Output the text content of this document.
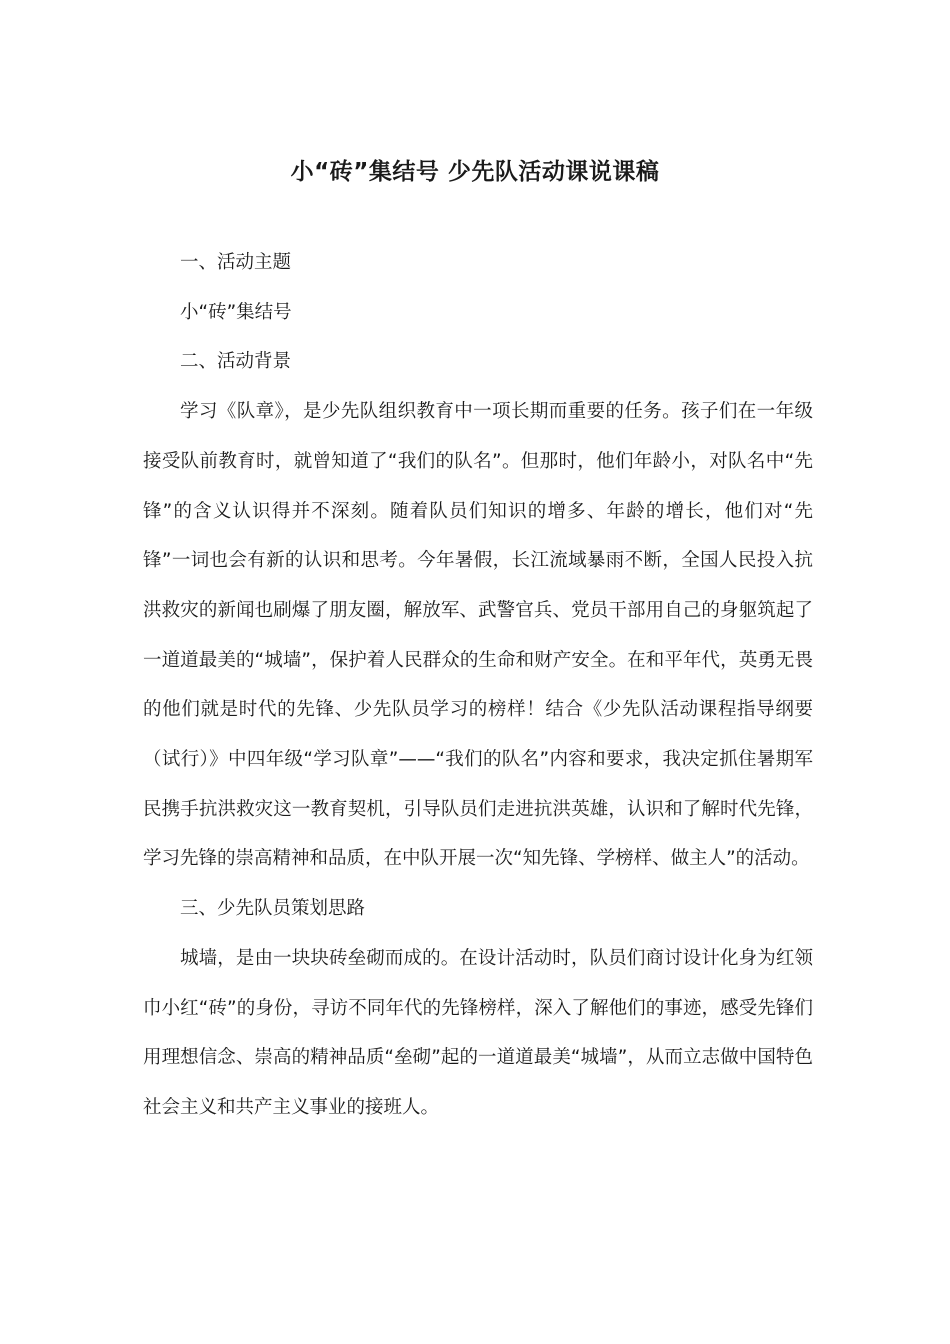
小“砖”集结号 少先队活动课说课稿

一、活动主题

小“砖”集结号

二、活动背景

学习《队章》，是少先队组织教育中一项长期而重要的任务。孩子们在一年级接受队前教育时，就曾知道了“我们的队名”。但那时，他们年龄小，对队名中“先锋”的含义认识得并不深刻。随着队员们知识的增多、年龄的增长，他们对“先锋”一词也会有新的认识和思考。今年暑假，长江流域暴雨不断，全国人民投入抗洪救灾的新闻也刷爆了朋友圈，解放军、武警官兵、党员干部用自己的身躯筑起了一道道最美的“城墙”，保护着人民群众的生命和财产安全。在和平年代，英勇无畏的他们就是时代的先锋、少先队员学习的榜样！结合《少先队活动课程指导纲要（试行）》中四年级“学习队章”——“我们的队名”内容和要求，我决定抓住暑期军民携手抗洪救灾这一教育契机，引导队员们走进抗洪英雄，认识和了解时代先锋，学习先锋的崇高精神和品质，在中队开展一次“知先锋、学榜样、做主人”的活动。

三、少先队员策划思路

城墙，是由一块块砖垒砌而成的。在设计活动时，队员们商讨设计化身为红领巾小红“砖”的身份，寻访不同年代的先锋榜样，深入了解他们的事迹，感受先锋们用理想信念、崇高的精神品质“垒砌”起的一道道最美“城墙”，从而立志做中国特色社会主义和共产主义事业的接班人。
